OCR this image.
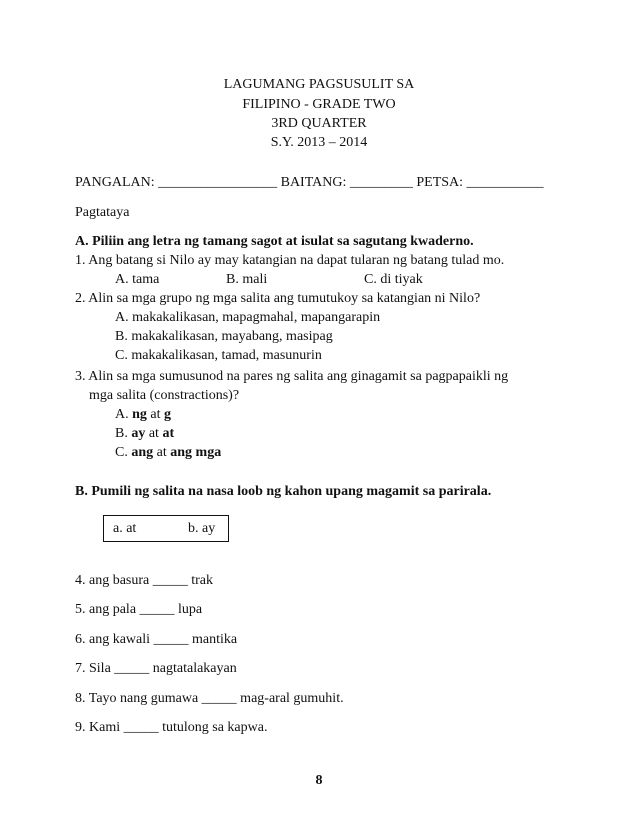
LAGUMANG PAGSUSULIT SA
FILIPINO - GRADE TWO
3RD QUARTER
S.Y. 2013 – 2014
PANGALAN: _________________ BAITANG: _________ PETSA: ___________
Pagtataya
A. Piliin ang letra ng tamang sagot at isulat sa sagutang kwaderno.
1. Ang batang si Nilo ay may katangian na dapat tularan ng batang tulad mo.
A. tama	B. mali	C. di tiyak
2. Alin sa mga grupo ng mga salita ang tumutukoy sa katangian ni Nilo?
A. makakalikasan, mapagmahal, mapangarapin
B. makakalikasan, mayabang, masipag
C. makakalikasan, tamad, masunurin
3. Alin sa mga sumusunod na pares ng salita ang ginagamit sa pagpapaikli ng
mga salita (constractions)?
A. ng at g
B. ay at at
C. ang at ang mga
B. Pumili ng salita na nasa loob ng kahon upang magamit sa parirala.
a. at	b. ay
4. ang basura _____ trak
5. ang pala _____ lupa
6. ang kawali _____ mantika
7. Sila _____ nagtatalakayan
8. Tayo nang gumawa _____ mag-aral gumuhit.
9. Kami _____ tutulong sa kapwa.
8
